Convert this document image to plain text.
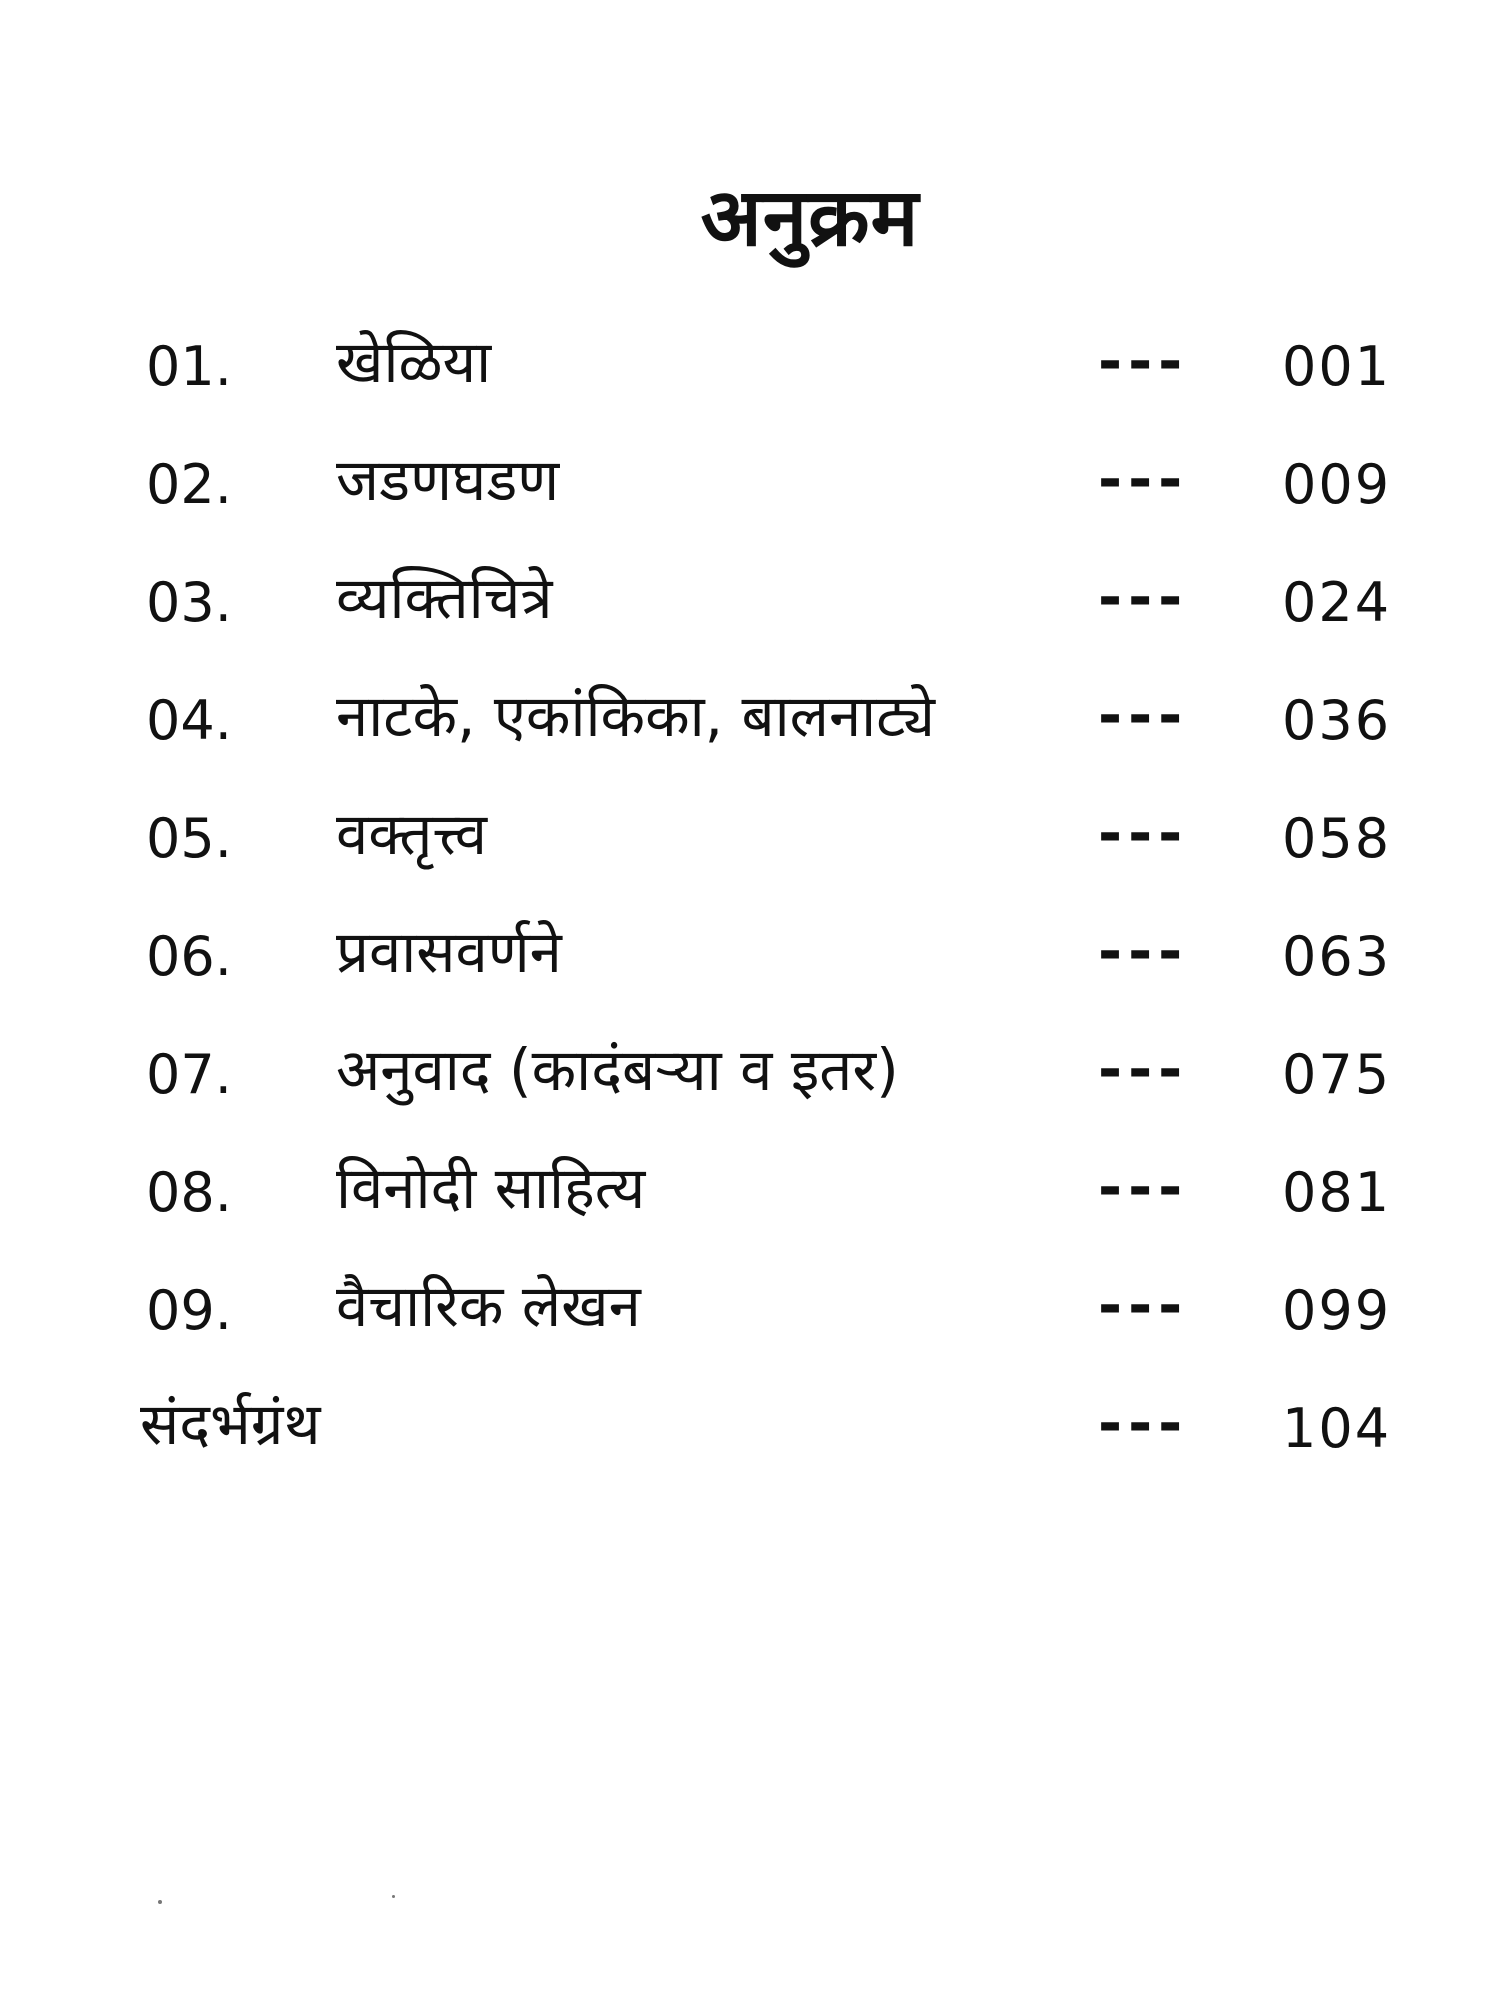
अनुक्रम
01. खेळिया	--- 001
02. जडणघडण	--- 009
03. व्यक्तिचित्रे	--- 024
04. नाटके, एकांकिका, बालनाट्ये	--- 036
05. वक्तृत्त्व	--- 058
06. प्रवासवर्णने	--- 063
07. अनुवाद (कादंबऱ्या व इतर)	--- 075
08. विनोदी साहित्य	--- 081
09. वैचारिक लेखन	--- 099
संदर्भग्रंथ	--- 104
